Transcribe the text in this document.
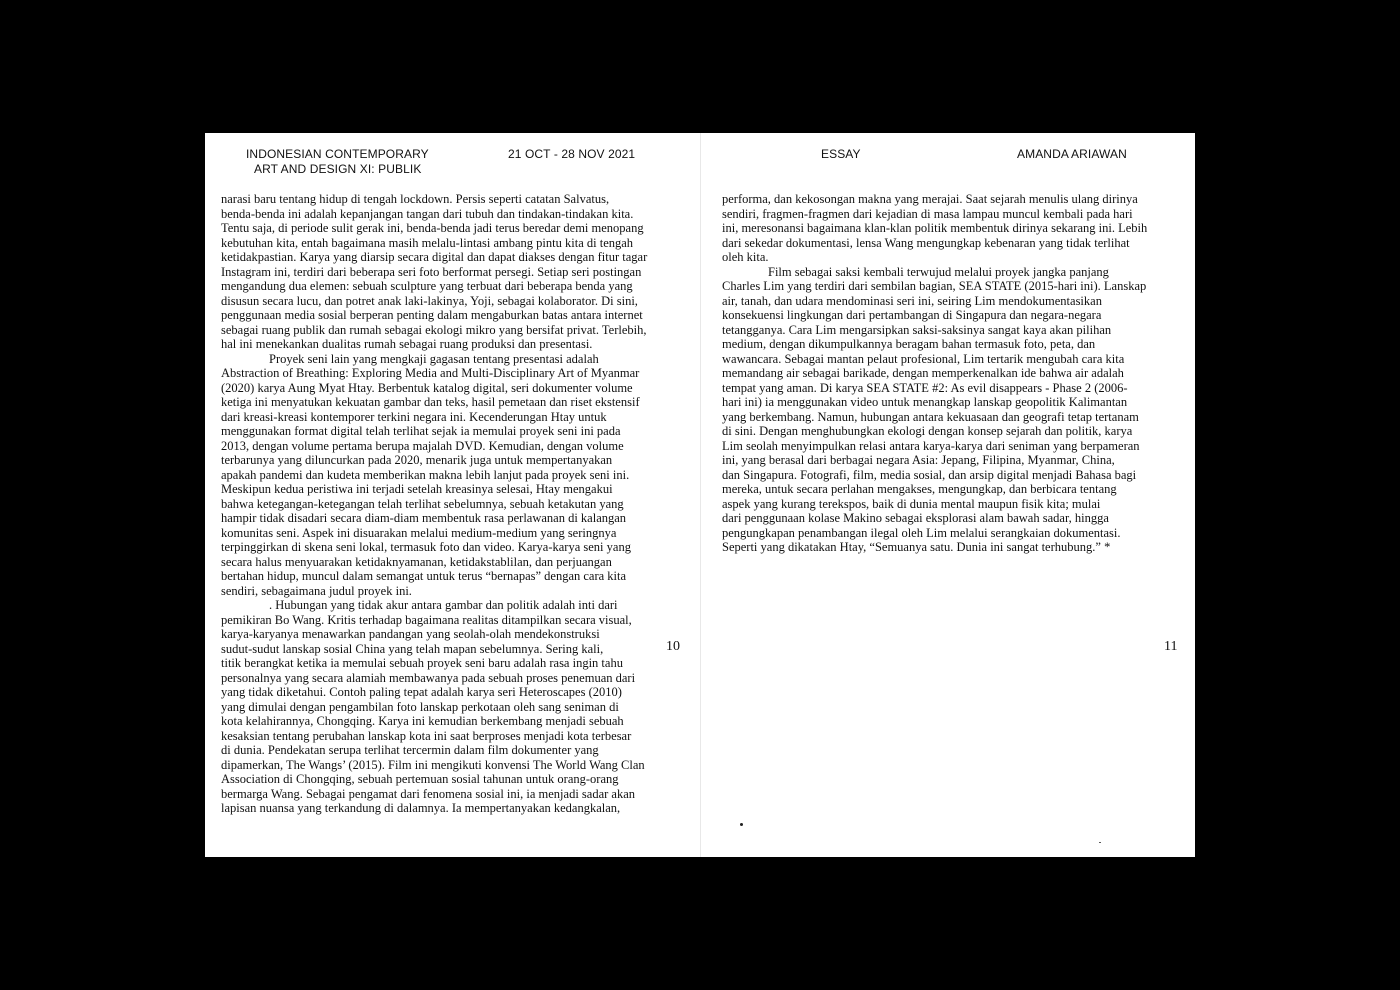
INDONESIAN CONTEMPORARY
ART AND DESIGN XI: PUBLIK
21 OCT - 28 NOV 2021
narasi baru tentang hidup di tengah lockdown. Persis seperti catatan Salvatus,
benda-benda ini adalah kepanjangan tangan dari tubuh dan tindakan-tindakan kita.
Tentu saja, di periode sulit gerak ini, benda-benda jadi terus beredar demi menopang
kebutuhan kita, entah bagaimana masih melalu-lintasi ambang pintu kita di tengah
ketidakpastian. Karya yang diarsip secara digital dan dapat diakses dengan fitur tagar
Instagram ini, terdiri dari beberapa seri foto berformat persegi. Setiap seri postingan
mengandung dua elemen: sebuah sculpture yang terbuat dari beberapa benda yang
disusun secara lucu, dan potret anak laki-lakinya, Yoji, sebagai kolaborator. Di sini,
penggunaan media sosial berperan penting dalam mengaburkan batas antara internet
sebagai ruang publik dan rumah sebagai ekologi mikro yang bersifat privat. Terlebih,
hal ini menekankan dualitas rumah sebagai ruang produksi dan presentasi.
Proyek seni lain yang mengkaji gagasan tentang presentasi adalah
Abstraction of Breathing: Exploring Media and Multi-Disciplinary Art of Myanmar
(2020) karya Aung Myat Htay. Berbentuk katalog digital, seri dokumenter volume
ketiga ini menyatukan kekuatan gambar dan teks, hasil pemetaan dan riset ekstensif
dari kreasi-kreasi kontemporer terkini negara ini. Kecenderungan Htay untuk
menggunakan format digital telah terlihat sejak ia memulai proyek seni ini pada
2013, dengan volume pertama berupa majalah DVD. Kemudian, dengan volume
terbarunya yang diluncurkan pada 2020, menarik juga untuk mempertanyakan
apakah pandemi dan kudeta memberikan makna lebih lanjut pada proyek seni ini.
Meskipun kedua peristiwa ini terjadi setelah kreasinya selesai, Htay mengakui
bahwa ketegangan-ketegangan telah terlihat sebelumnya, sebuah ketakutan yang
hampir tidak disadari secara diam-diam membentuk rasa perlawanan di kalangan
komunitas seni. Aspek ini disuarakan melalui medium-medium yang seringnya
terpinggirkan di skena seni lokal, termasuk foto dan video. Karya-karya seni yang
secara halus menyuarakan ketidaknyamanan, ketidakstablilan, dan perjuangan
bertahan hidup, muncul dalam semangat untuk terus “bernapas” dengan cara kita
sendiri, sebagaimana judul proyek ini.
. Hubungan yang tidak akur antara gambar dan politik adalah inti dari
pemikiran Bo Wang. Kritis terhadap bagaimana realitas ditampilkan secara visual,
karya-karyanya menawarkan pandangan yang seolah-olah mendekonstruksi
sudut-sudut lanskap sosial China yang telah mapan sebelumnya. Sering kali,
titik berangkat ketika ia memulai sebuah proyek seni baru adalah rasa ingin tahu
personalnya yang secara alamiah membawanya pada sebuah proses penemuan dari
yang tidak diketahui. Contoh paling tepat adalah karya seri Heteroscapes (2010)
yang dimulai dengan pengambilan foto lanskap perkotaan oleh sang seniman di
kota kelahirannya, Chongqing. Karya ini kemudian berkembang menjadi sebuah
kesaksian tentang perubahan lanskap kota ini saat berproses menjadi kota terbesar
di dunia. Pendekatan serupa terlihat tercermin dalam film dokumenter yang
dipamerkan, The Wangs’ (2015). Film ini mengikuti konvensi The World Wang Clan
Association di Chongqing, sebuah pertemuan sosial tahunan untuk orang-orang
bermarga Wang. Sebagai pengamat dari fenomena sosial ini, ia menjadi sadar akan
lapisan nuansa yang terkandung di dalamnya. Ia mempertanyakan kedangkalan,
10
ESSAY	AMANDA ARIAWAN
performa, dan kekosongan makna yang merajai. Saat sejarah menulis ulang dirinya
sendiri, fragmen-fragmen dari kejadian di masa lampau muncul kembali pada hari
ini, meresonansi bagaimana klan-klan politik membentuk dirinya sekarang ini. Lebih
dari sekedar dokumentasi, lensa Wang mengungkap kebenaran yang tidak terlihat
oleh kita.
Film sebagai saksi kembali terwujud melalui proyek jangka panjang
Charles Lim yang terdiri dari sembilan bagian, SEA STATE (2015-hari ini). Lanskap
air, tanah, dan udara mendominasi seri ini, seiring Lim mendokumentasikan
konsekuensi lingkungan dari pertambangan di Singapura dan negara-negara
tetangganya. Cara Lim mengarsipkan saksi-saksinya sangat kaya akan pilihan
medium, dengan dikumpulkannya beragam bahan termasuk foto, peta, dan
wawancara. Sebagai mantan pelaut profesional, Lim tertarik mengubah cara kita
memandang air sebagai barikade, dengan memperkenalkan ide bahwa air adalah
tempat yang aman. Di karya SEA STATE #2: As evil disappears - Phase 2 (2006-
hari ini) ia menggunakan video untuk menangkap lanskap geopolitik Kalimantan
yang berkembang. Namun, hubungan antara kekuasaan dan geografi tetap tertanam
di sini. Dengan menghubungkan ekologi dengan konsep sejarah dan politik, karya
Lim seolah menyimpulkan relasi antara karya-karya dari seniman yang berpameran
ini, yang berasal dari berbagai negara Asia: Jepang, Filipina, Myanmar, China,
dan Singapura. Fotografi, film, media sosial, dan arsip digital menjadi Bahasa bagi
mereka, untuk secara perlahan mengakses, mengungkap, dan berbicara tentang
aspek yang kurang terekspos, baik di dunia mental maupun fisik kita; mulai
dari penggunaan kolase Makino sebagai eksplorasi alam bawah sadar, hingga
pengungkapan penambangan ilegal oleh Lim melalui serangkaian dokumentasi.
Seperti yang dikatakan Htay, “Semuanya satu. Dunia ini sangat terhubung.” *
11
